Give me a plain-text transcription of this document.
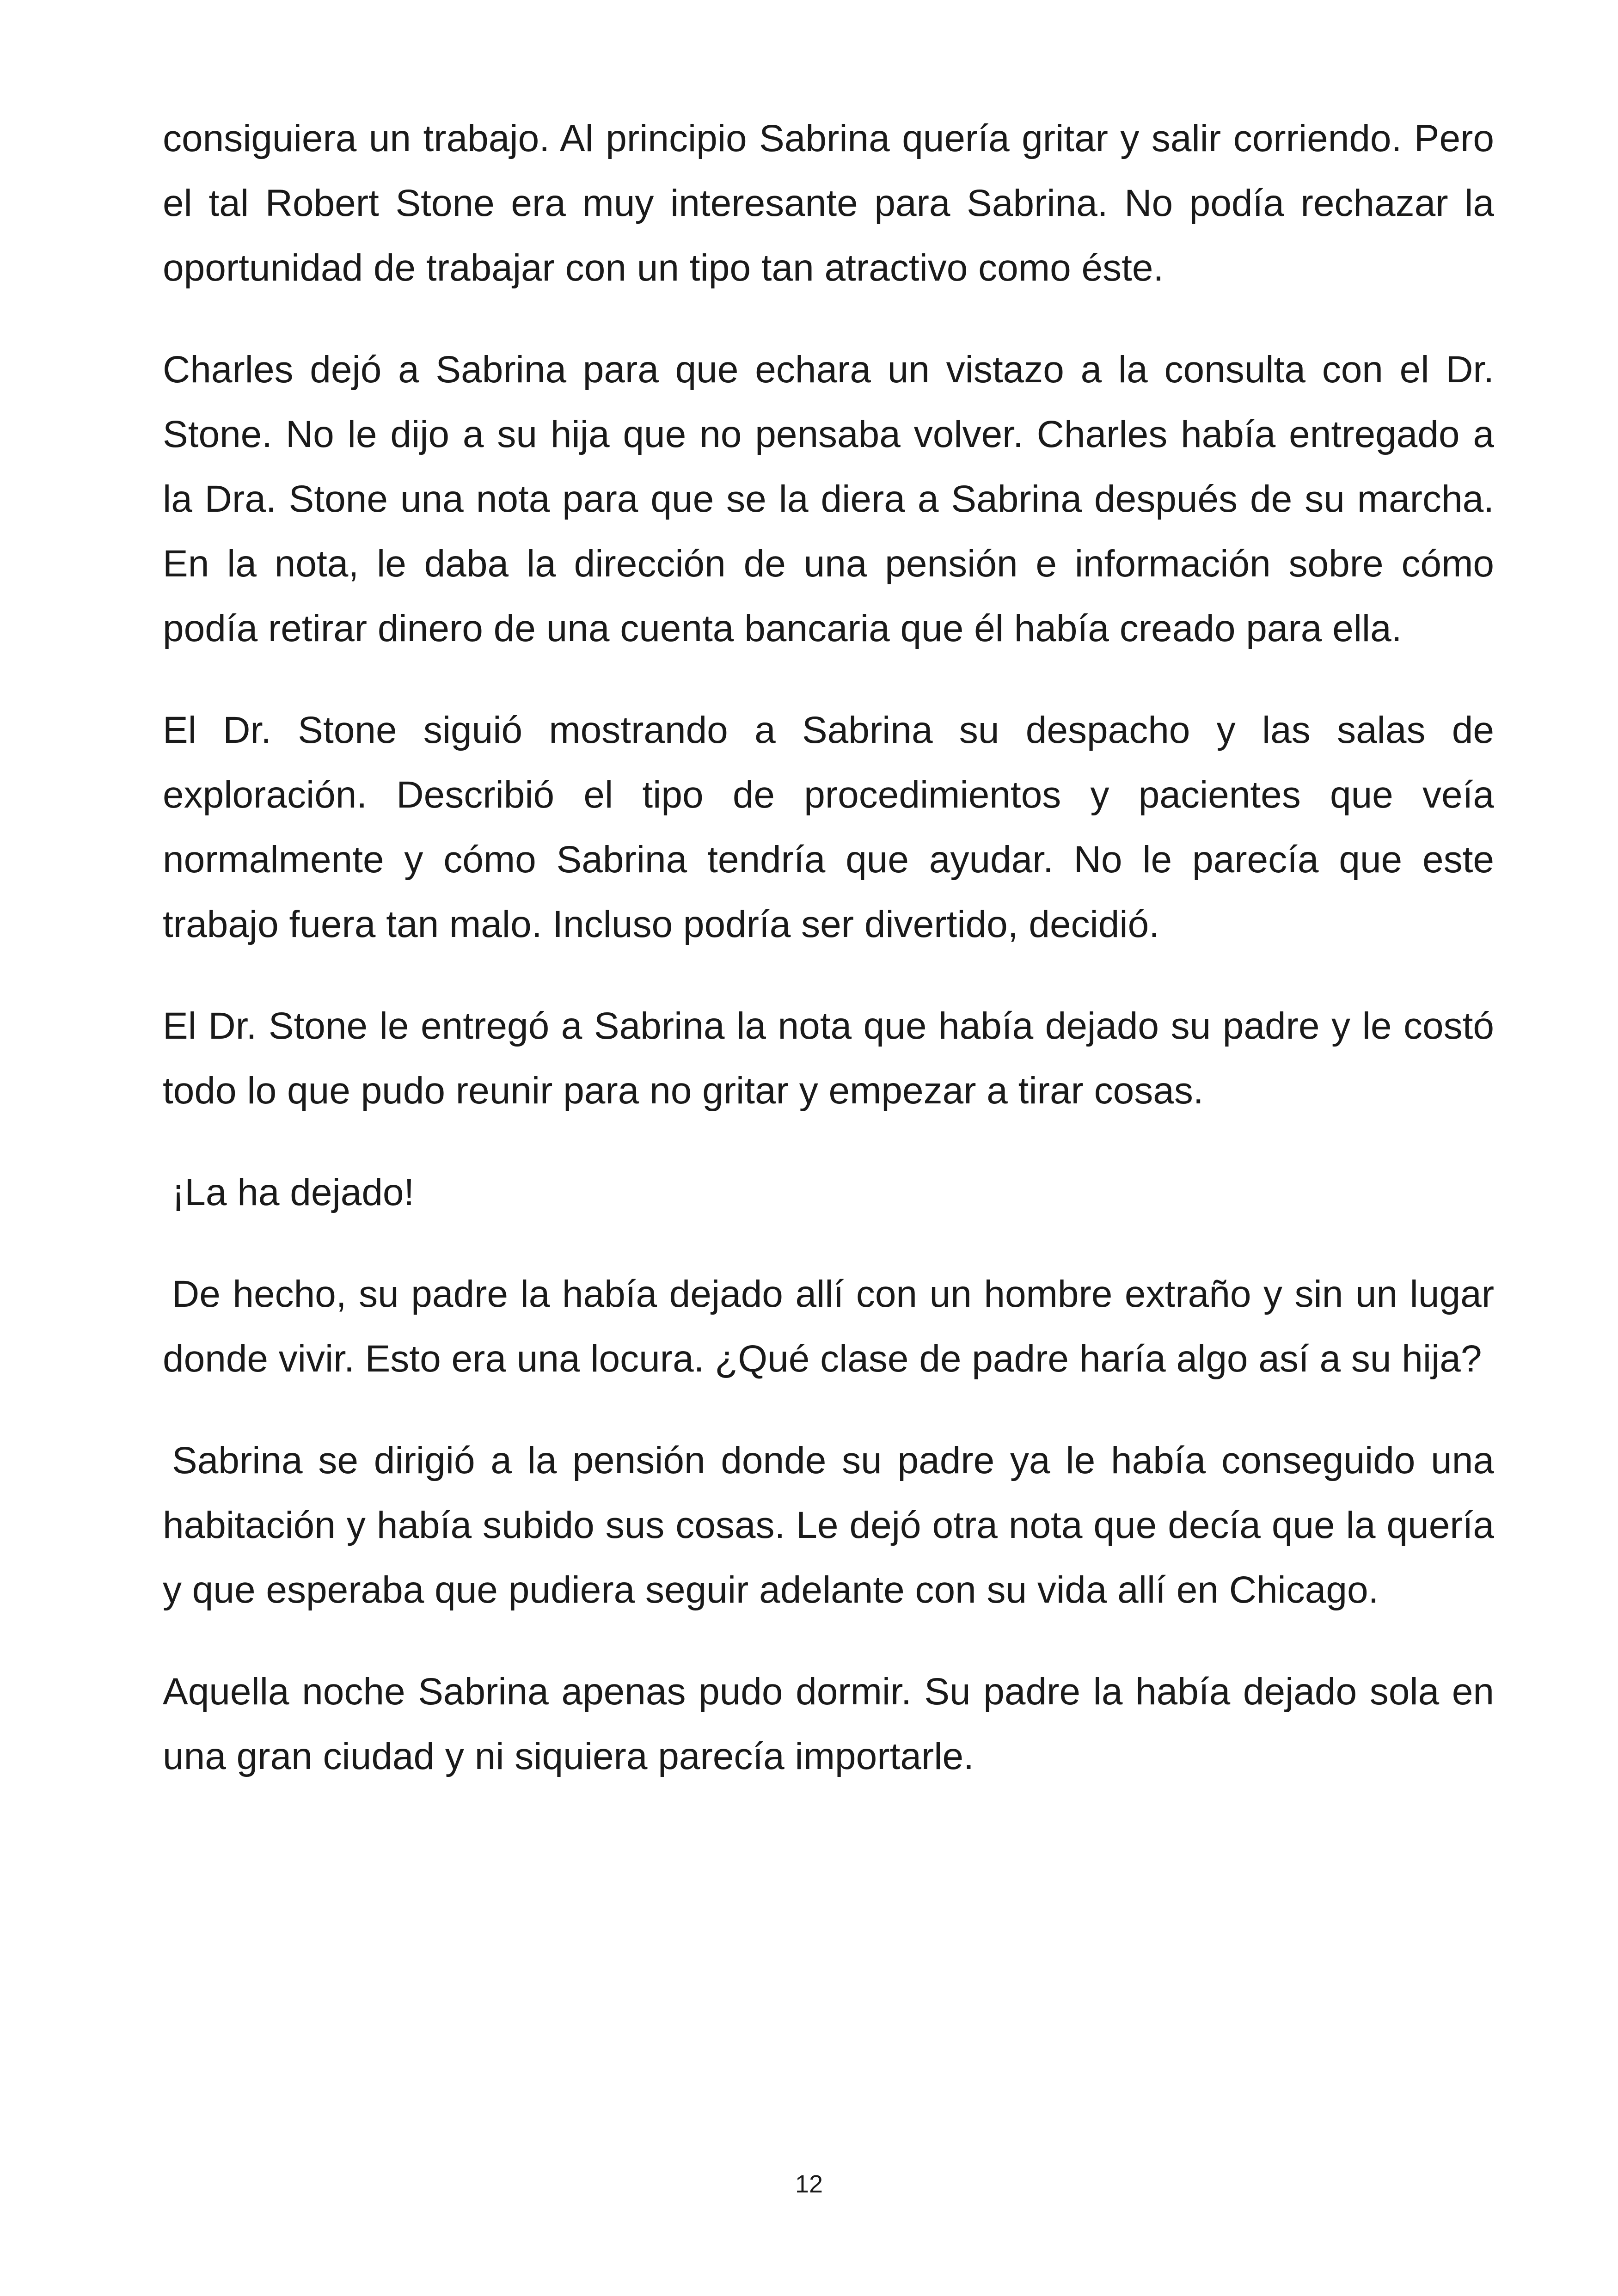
consiguiera un trabajo. Al principio Sabrina quería gritar y salir corriendo. Pero el tal Robert Stone era muy interesante para Sabrina. No podía rechazar la oportunidad de trabajar con un tipo tan atractivo como éste.

Charles dejó a Sabrina para que echara un vistazo a la consulta con el Dr. Stone. No le dijo a su hija que no pensaba volver. Charles había entregado a la Dra. Stone una nota para que se la diera a Sabrina después de su marcha. En la nota, le daba la dirección de una pensión e información sobre cómo podía retirar dinero de una cuenta bancaria que él había creado para ella.

El Dr. Stone siguió mostrando a Sabrina su despacho y las salas de exploración. Describió el tipo de procedimientos y pacientes que veía normalmente y cómo Sabrina tendría que ayudar. No le parecía que este trabajo fuera tan malo. Incluso podría ser divertido, decidió.

El Dr. Stone le entregó a Sabrina la nota que había dejado su padre y le costó todo lo que pudo reunir para no gritar y empezar a tirar cosas.

¡La ha dejado!

De hecho, su padre la había dejado allí con un hombre extraño y sin un lugar donde vivir. Esto era una locura. ¿Qué clase de padre haría algo así a su hija?

Sabrina se dirigió a la pensión donde su padre ya le había conseguido una habitación y había subido sus cosas. Le dejó otra nota que decía que la quería y que esperaba que pudiera seguir adelante con su vida allí en Chicago.

Aquella noche Sabrina apenas pudo dormir. Su padre la había dejado sola en una gran ciudad y ni siquiera parecía importarle.

12
